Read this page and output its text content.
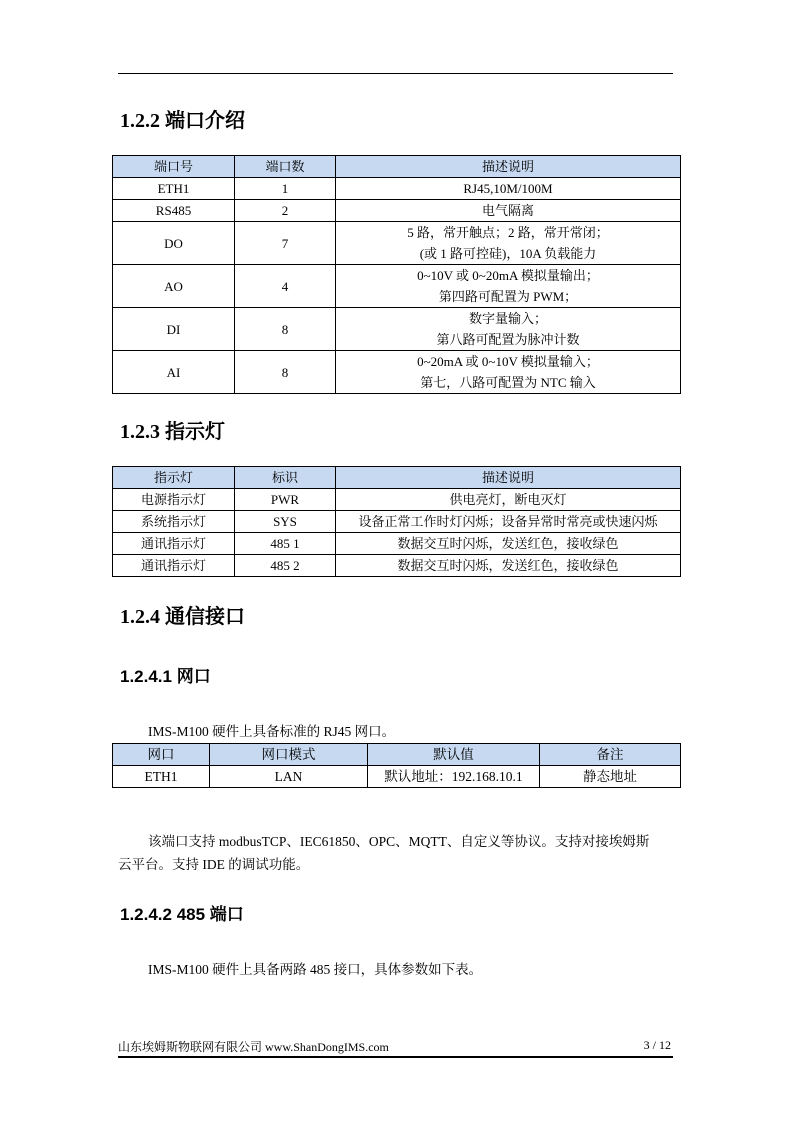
1.2.2 端口介绍
端口号	端口数	描述说明
ETH1	1	RJ45,10M/100M
RS485	2	电气隔离
DO	7	5 路，常开触点；2 路，常开常闭；
(或 1 路可控硅)，10A 负载能力

AO	4	0~10V 或 0~20mA 模拟量输出；
第四路可配置为 PWM；

DI	8	数字量输入；
第八路可配置为脉冲计数

AI	8	0~20mA 或 0~10V 模拟量输入；
第七，八路可配置为 NTC 输入
1.2.3 指示灯
指示灯	标识	描述说明
电源指示灯	PWR	供电亮灯，断电灭灯
系统指示灯	SYS	设备正常工作时灯闪烁；设备异常时常亮或快速闪烁
通讯指示灯	485 1	数据交互时闪烁，发送红色，接收绿色
通讯指示灯	485 2	数据交互时闪烁，发送红色，接收绿色
1.2.4 通信接口
1.2.4.1 网口
IMS-M100 硬件上具备标准的 RJ45 网口。
网口	网口模式	默认值	备注
ETH1	LAN	默认地址：192.168.10.1	静态地址
该端口支持 modbusTCP、IEC61850、OPC、MQTT、自定义等协议。支持对接埃姆斯
云平台。支持 IDE 的调试功能。
1.2.4.2 485 端口
IMS-M100 硬件上具备两路 485 接口，具体参数如下表。
山东埃姆斯物联网有限公司 www.ShanDongIMS.com	3 / 12
